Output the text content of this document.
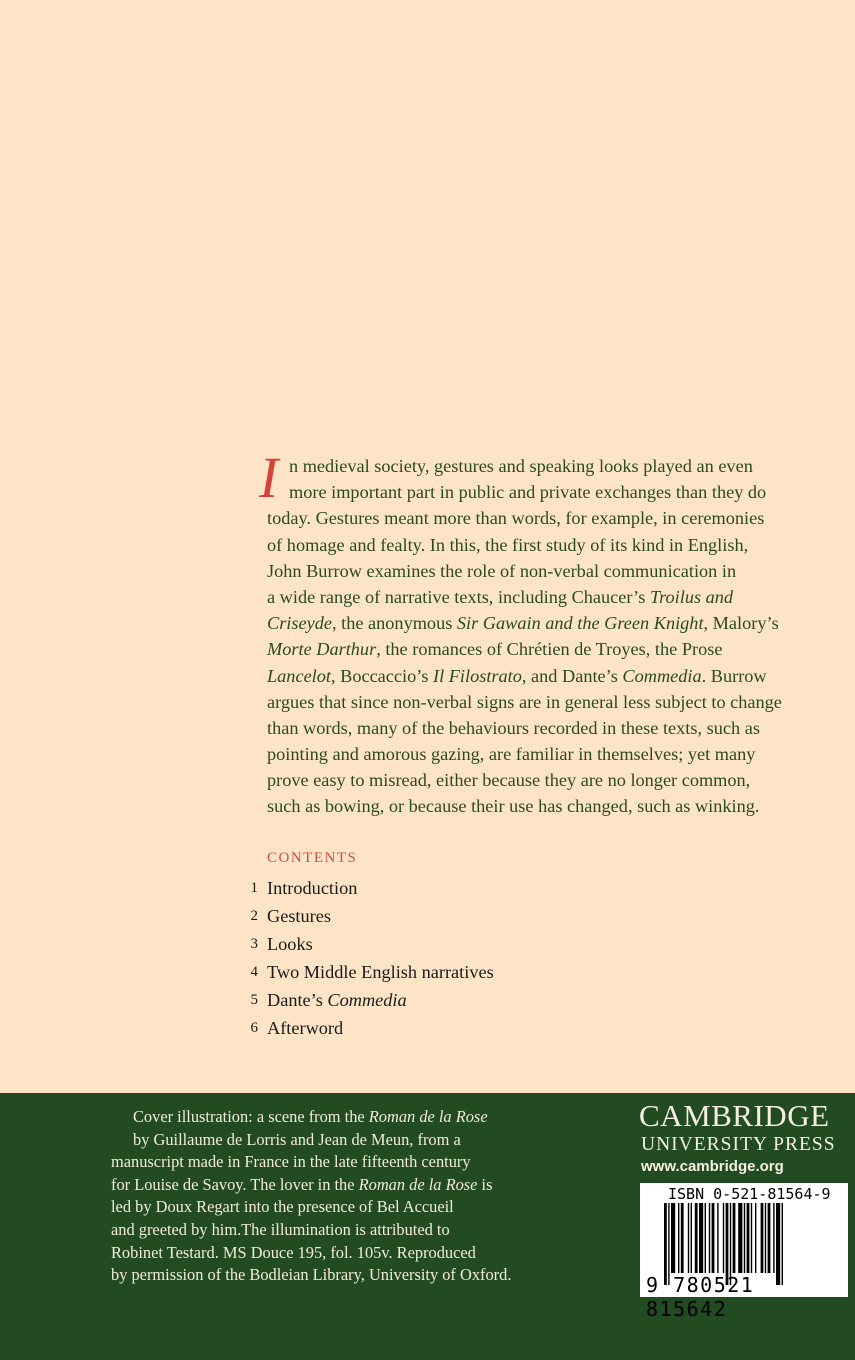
I n medieval society, gestures and speaking looks played an even
more important part in public and private exchanges than they do
today. Gestures meant more than words, for example, in ceremonies
of homage and fealty. In this, the first study of its kind in English,
John Burrow examines the role of non-verbal communication in
a wide range of narrative texts, including Chaucer’s Troilus and
Criseyde, the anonymous Sir Gawain and the Green Knight, Malory’s
Morte Darthur, the romances of Chrétien de Troyes, the Prose
Lancelot, Boccaccio’s Il Filostrato, and Dante’s Commedia. Burrow
argues that since non-verbal signs are in general less subject to change
than words, many of the behaviours recorded in these texts, such as
pointing and amorous gazing, are familiar in themselves; yet many
prove easy to misread, either because they are no longer common,
such as bowing, or because their use has changed, such as winking.
CONTENTS
1 Introduction
2 Gestures
3 Looks
4 Two Middle English narratives
5 Dante’s Commedia
6 Afterword
Cover illustration: a scene from the Roman de la Rose
by Guillaume de Lorris and Jean de Meun, from a
manuscript made in France in the late fifteenth century
for Louise de Savoy. The lover in the Roman de la Rose is
led by Doux Regart into the presence of Bel Accueil
and greeted by him.The illumination is attributed to
Robinet Testard. MS Douce 195, fol. 105v. Reproduced
by permission of the Bodleian Library, University of Oxford.
CAMBRIDGE
UNIVERSITY PRESS
www.cambridge.org
ISBN 0-521-81564-9
9 780521 815642
